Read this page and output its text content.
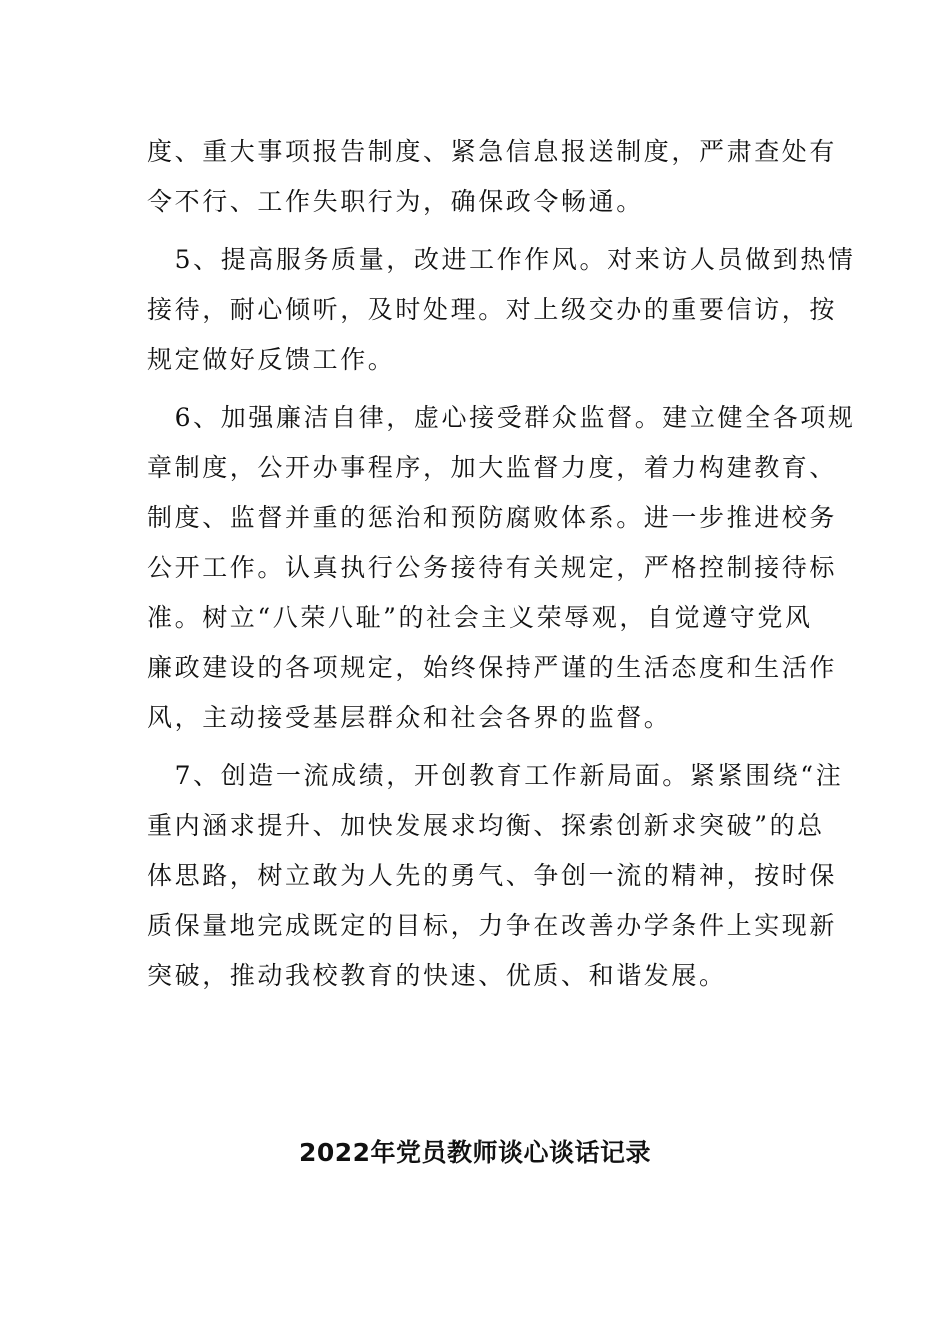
度、重大事项报告制度、紧急信息报送制度，严肃查处有
令不行、工作失职行为，确保政令畅通。
　5、提高服务质量，改进工作作风。对来访人员做到热情
接待，耐心倾听，及时处理。对上级交办的重要信访，按
规定做好反馈工作。
　6、加强廉洁自律，虚心接受群众监督。建立健全各项规
章制度，公开办事程序，加大监督力度，着力构建教育、
制度、监督并重的惩治和预防腐败体系。进一步推进校务
公开工作。认真执行公务接待有关规定，严格控制接待标
准。树立“八荣八耻”的社会主义荣辱观，自觉遵守党风
廉政建设的各项规定，始终保持严谨的生活态度和生活作
风，主动接受基层群众和社会各界的监督。
　7、创造一流成绩，开创教育工作新局面。紧紧围绕“注
重内涵求提升、加快发展求均衡、探索创新求突破”的总
体思路，树立敢为人先的勇气、争创一流的精神，按时保
质保量地完成既定的目标，力争在改善办学条件上实现新
突破，推动我校教育的快速、优质、和谐发展。
2022年党员教师谈心谈话记录
